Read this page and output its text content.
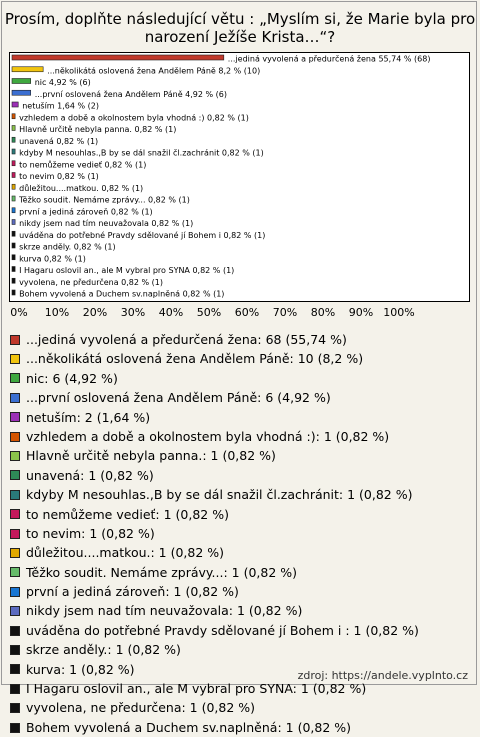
Prosím, doplňte následující větu : „Myslím si, že Marie byla pro
narození Ježíše Krista…“?
...jediná vyvolená a předurčená žena 55,74 % (68)
...několikátá oslovená žena Andělem Páně 8,2 % (10)
nic 4,92 % (6)
...první oslovená žena Andělem Páně 4,92 % (6)
netuším 1,64 % (2)
vzhledem a době a okolnostem byla vhodná :) 0,82 % (1)
Hlavně určitě nebyla panna. 0,82 % (1)
unavená 0,82 % (1)
kdyby M nesouhlas.,B by se dál snažil čl.zachránit 0,82 % (1)
to nemůžeme vedieť 0,82 % (1)
to nevim 0,82 % (1)
důležitou....matkou. 0,82 % (1)
Těžko soudit. Nemáme zprávy... 0,82 % (1)
první a jediná zároveň 0,82 % (1)
nikdy jsem nad tím neuvažovala 0,82 % (1)
uváděna do potřebné Pravdy sdělované jí Bohem i 0,82 % (1)
skrze anděly. 0,82 % (1)
kurva 0,82 % (1)
I Hagaru oslovil an., ale M vybral pro SYNA 0,82 % (1)
vyvolena, ne předurčena 0,82 % (1)
Bohem vyvolená a Duchem sv.naplněná 0,82 % (1)
0% 10% 20% 30% 40% 50% 60% 70% 80% 90% 100%
...jediná vyvolená a předurčená žena: 68 (55,74 %)
...několikátá oslovená žena Andělem Páně: 10 (8,2 %)
nic: 6 (4,92 %)
...první oslovená žena Andělem Páně: 6 (4,92 %)
netuším: 2 (1,64 %)
vzhledem a době a okolnostem byla vhodná :): 1 (0,82 %)
Hlavně určitě nebyla panna.: 1 (0,82 %)
unavená: 1 (0,82 %)
kdyby M nesouhlas.,B by se dál snažil čl.zachránit: 1 (0,82 %)
to nemůžeme vedieť: 1 (0,82 %)
to nevim: 1 (0,82 %)
důležitou....matkou.: 1 (0,82 %)
Těžko soudit. Nemáme zprávy...: 1 (0,82 %)
první a jediná zároveň: 1 (0,82 %)
nikdy jsem nad tím neuvažovala: 1 (0,82 %)
uváděna do potřebné Pravdy sdělované jí Bohem i : 1 (0,82 %)
skrze anděly.: 1 (0,82 %)
kurva: 1 (0,82 %)
I Hagaru oslovil an., ale M vybral pro SYNA: 1 (0,82 %)
vyvolena, ne předurčena: 1 (0,82 %)
Bohem vyvolená a Duchem sv.naplněná: 1 (0,82 %)
zdroj: https://andele.vyplnto.cz
